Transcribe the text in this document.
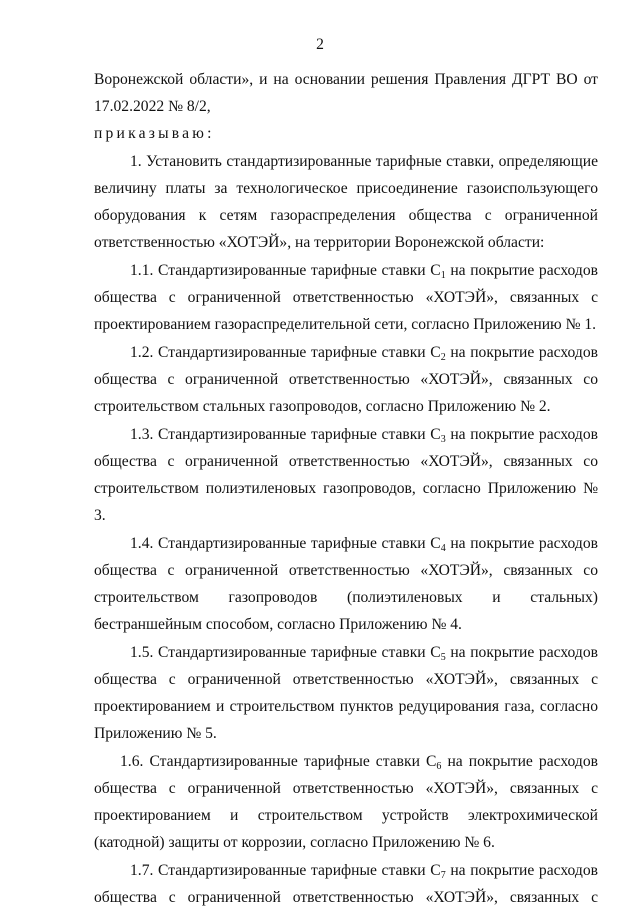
2

Воронежской области», и на основании решения Правления ДГРТ ВО от 17.02.2022 № 8/2,

приказываю:

1. Установить стандартизированные тарифные ставки, определяющие величину платы за технологическое присоединение газоиспользующего оборудования к сетям газораспределения общества с ограниченной ответственностью «ХОТЭЙ», на территории Воронежской области:

1.1. Стандартизированные тарифные ставки $С_1$ на покрытие расходов общества с ограниченной ответственностью «ХОТЭЙ», связанных с проектированием газораспределительной сети, согласно Приложению № 1.

1.2. Стандартизированные тарифные ставки $С_2$ на покрытие расходов общества с ограниченной ответственностью «ХОТЭЙ», связанных со строительством стальных газопроводов, согласно Приложению № 2.

1.3. Стандартизированные тарифные ставки $С_3$ на покрытие расходов общества с ограниченной ответственностью «ХОТЭЙ», связанных со строительством полиэтиленовых газопроводов, согласно Приложению № 3.

1.4. Стандартизированные тарифные ставки $С_4$ на покрытие расходов общества с ограниченной ответственностью «ХОТЭЙ», связанных со строительством газопроводов (полиэтиленовых и стальных) бестраншейным способом, согласно Приложению № 4.

1.5. Стандартизированные тарифные ставки $С_5$ на покрытие расходов общества с ограниченной ответственностью «ХОТЭЙ», связанных с проектированием и строительством пунктов редуцирования газа, согласно Приложению № 5.

1.6. Стандартизированные тарифные ставки $С_6$ на покрытие расходов общества с ограниченной ответственностью «ХОТЭЙ», связанных с проектированием и строительством устройств электрохимической (катодной) защиты от коррозии, согласно Приложению № 6.

1.7. Стандартизированные тарифные ставки $С_7$ на покрытие расходов общества с ограниченной ответственностью «ХОТЭЙ», связанных с
